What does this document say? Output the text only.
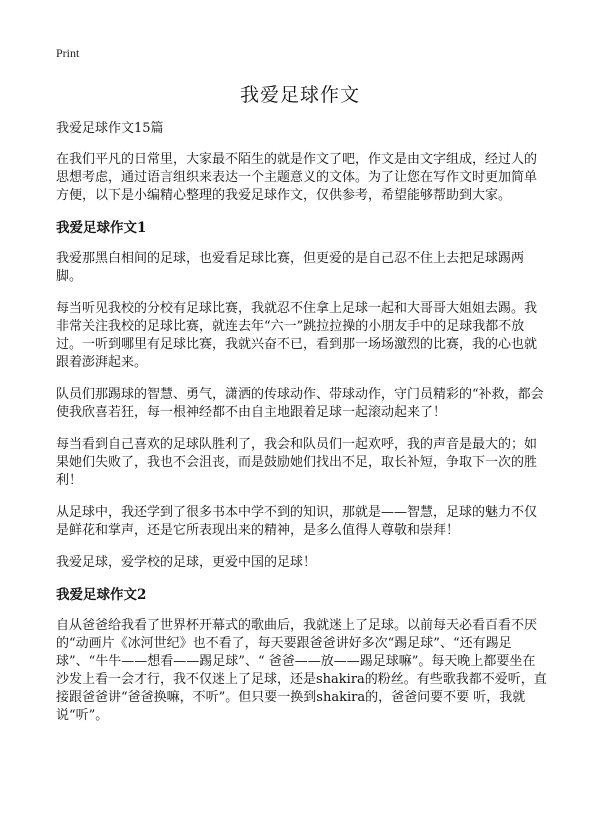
Print
我爱足球作文
我爱足球作文15篇

在我们平凡的日常里，大家最不陌生的就是作文了吧，作文是由文字组成，经过人的思想考虑，通过语言组织来表达一个主题意义的文体。为了让您在写作文时更加简单方便，以下是小编精心整理的我爱足球作文，仅供参考，希望能够帮助到大家。

我爱足球作文1

我爱那黑白相间的足球，也爱看足球比赛，但更爱的是自己忍不住上去把足球踢两脚。

每当听见我校的分校有足球比赛，我就忍不住拿上足球一起和大哥哥大姐姐去踢。我非常关注我校的足球比赛，就连去年“六一”跳拉拉操的小朋友手中的足球我都不放过。一听到哪里有足球比赛，我就兴奋不已，看到那一场场激烈的比赛，我的心也就跟着澎湃起来。

队员们那踢球的智慧、勇气，潇洒的传球动作、带球动作，守门员精彩的“补救，都会使我欣喜若狂，每一根神经都不由自主地跟着足球一起滚动起来了！

每当看到自己喜欢的足球队胜利了，我会和队员们一起欢呼，我的声音是最大的；如果她们失败了，我也不会沮丧，而是鼓励她们找出不足，取长补短，争取下一次的胜利！

从足球中，我还学到了很多书本中学不到的知识，那就是——智慧，足球的魅力不仅是鲜花和掌声，还是它所表现出来的精神，是多么值得人尊敬和崇拜！

我爱足球，爱学校的足球，更爱中国的足球！

我爱足球作文2

自从爸爸给我看了世界杯开幕式的歌曲后，我就迷上了足球。以前每天必看百看不厌的“动画片《冰河世纪》也不看了，每天要跟爸爸讲好多次“踢足球”、“还有踢足球”、“牛牛——想看——踢足球”、“ 爸爸——放——踢足球嘛”。每天晚上都要坐在沙发上看一会才行，我不仅迷上了足球，还是shakira的粉丝。有些歌我都不爱听，直接跟爸爸讲“爸爸换嘛，不听”。但只要一换到shakira的，爸爸问要不要 听，我就说“听”。
